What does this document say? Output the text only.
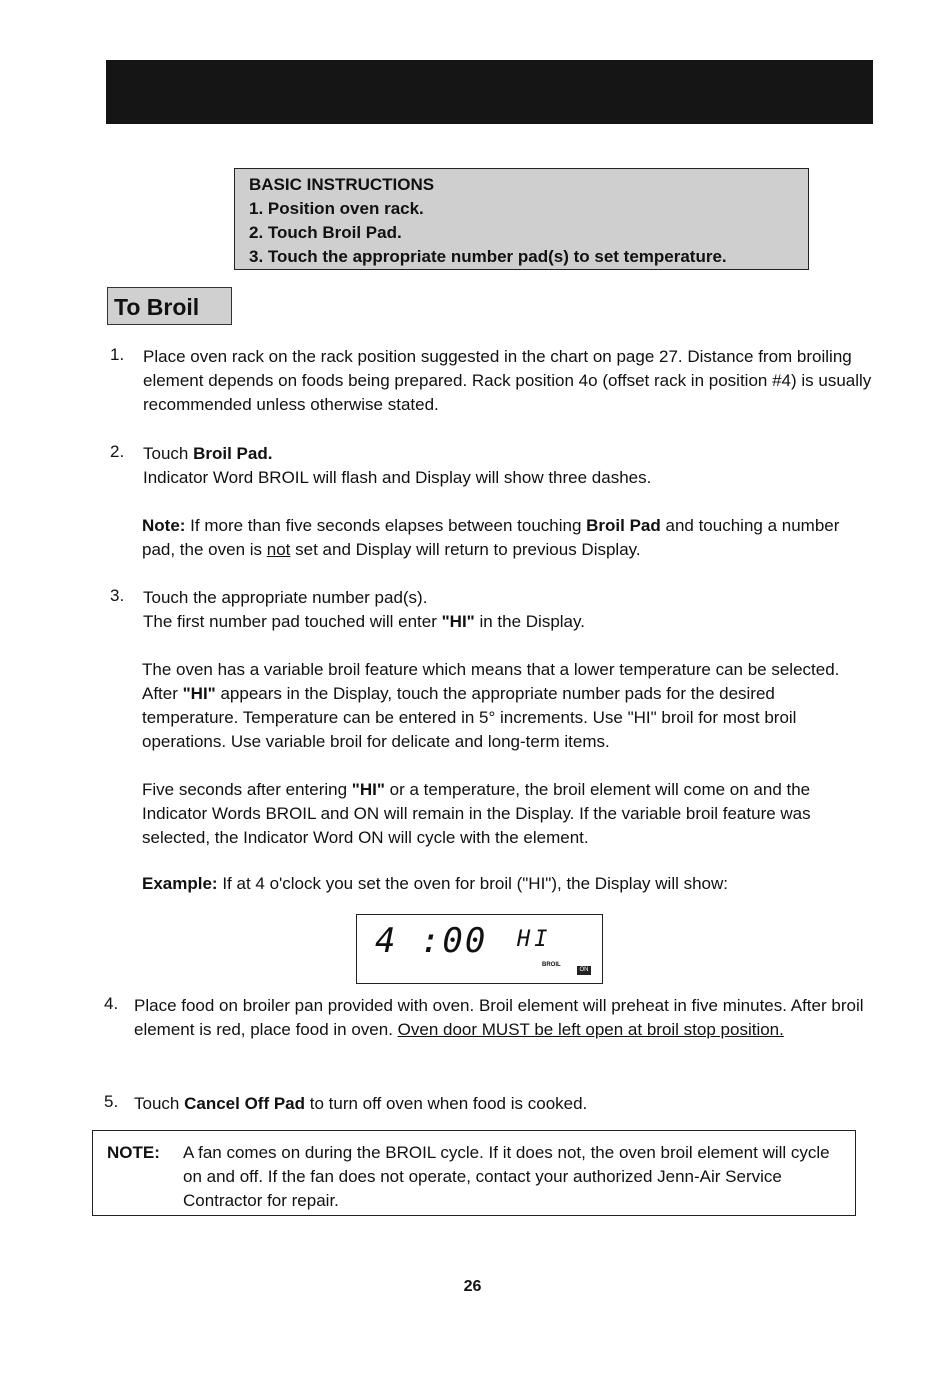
BASIC INSTRUCTIONS
1. Position oven rack.
2. Touch Broil Pad.
3. Touch the appropriate number pad(s) to set temperature.
To Broil
1. Place oven rack on the rack position suggested in the chart on page 27. Distance from broiling element depends on foods being prepared. Rack position 4o (offset rack in position #4) is usually recommended unless otherwise stated.
2. Touch Broil Pad.
Indicator Word BROIL will flash and Display will show three dashes.
Note: If more than five seconds elapses between touching Broil Pad and touching a number pad, the oven is not set and Display will return to previous Display.
3. Touch the appropriate number pad(s).
The first number pad touched will enter "HI" in the Display.
The oven has a variable broil feature which means that a lower temperature can be selected. After "HI" appears in the Display, touch the appropriate number pads for the desired temperature. Temperature can be entered in 5° increments. Use "HI" broil for most broil operations. Use variable broil for delicate and long-term items.
Five seconds after entering "HI" or a temperature, the broil element will come on and the Indicator Words BROIL and ON will remain in the Display. If the variable broil feature was selected, the Indicator Word ON will cycle with the element.
Example: If at 4 o'clock you set the oven for broil ("HI"), the Display will show:
4 :00 HI
BROIL
ON
4. Place food on broiler pan provided with oven. Broil element will preheat in five minutes. After broil element is red, place food in oven. Oven door MUST be left open at broil stop position.
5. Touch Cancel Off Pad to turn off oven when food is cooked.
NOTE: A fan comes on during the BROIL cycle. If it does not, the oven broil element will cycle on and off. If the fan does not operate, contact your authorized Jenn-Air Service Contractor for repair.
26
